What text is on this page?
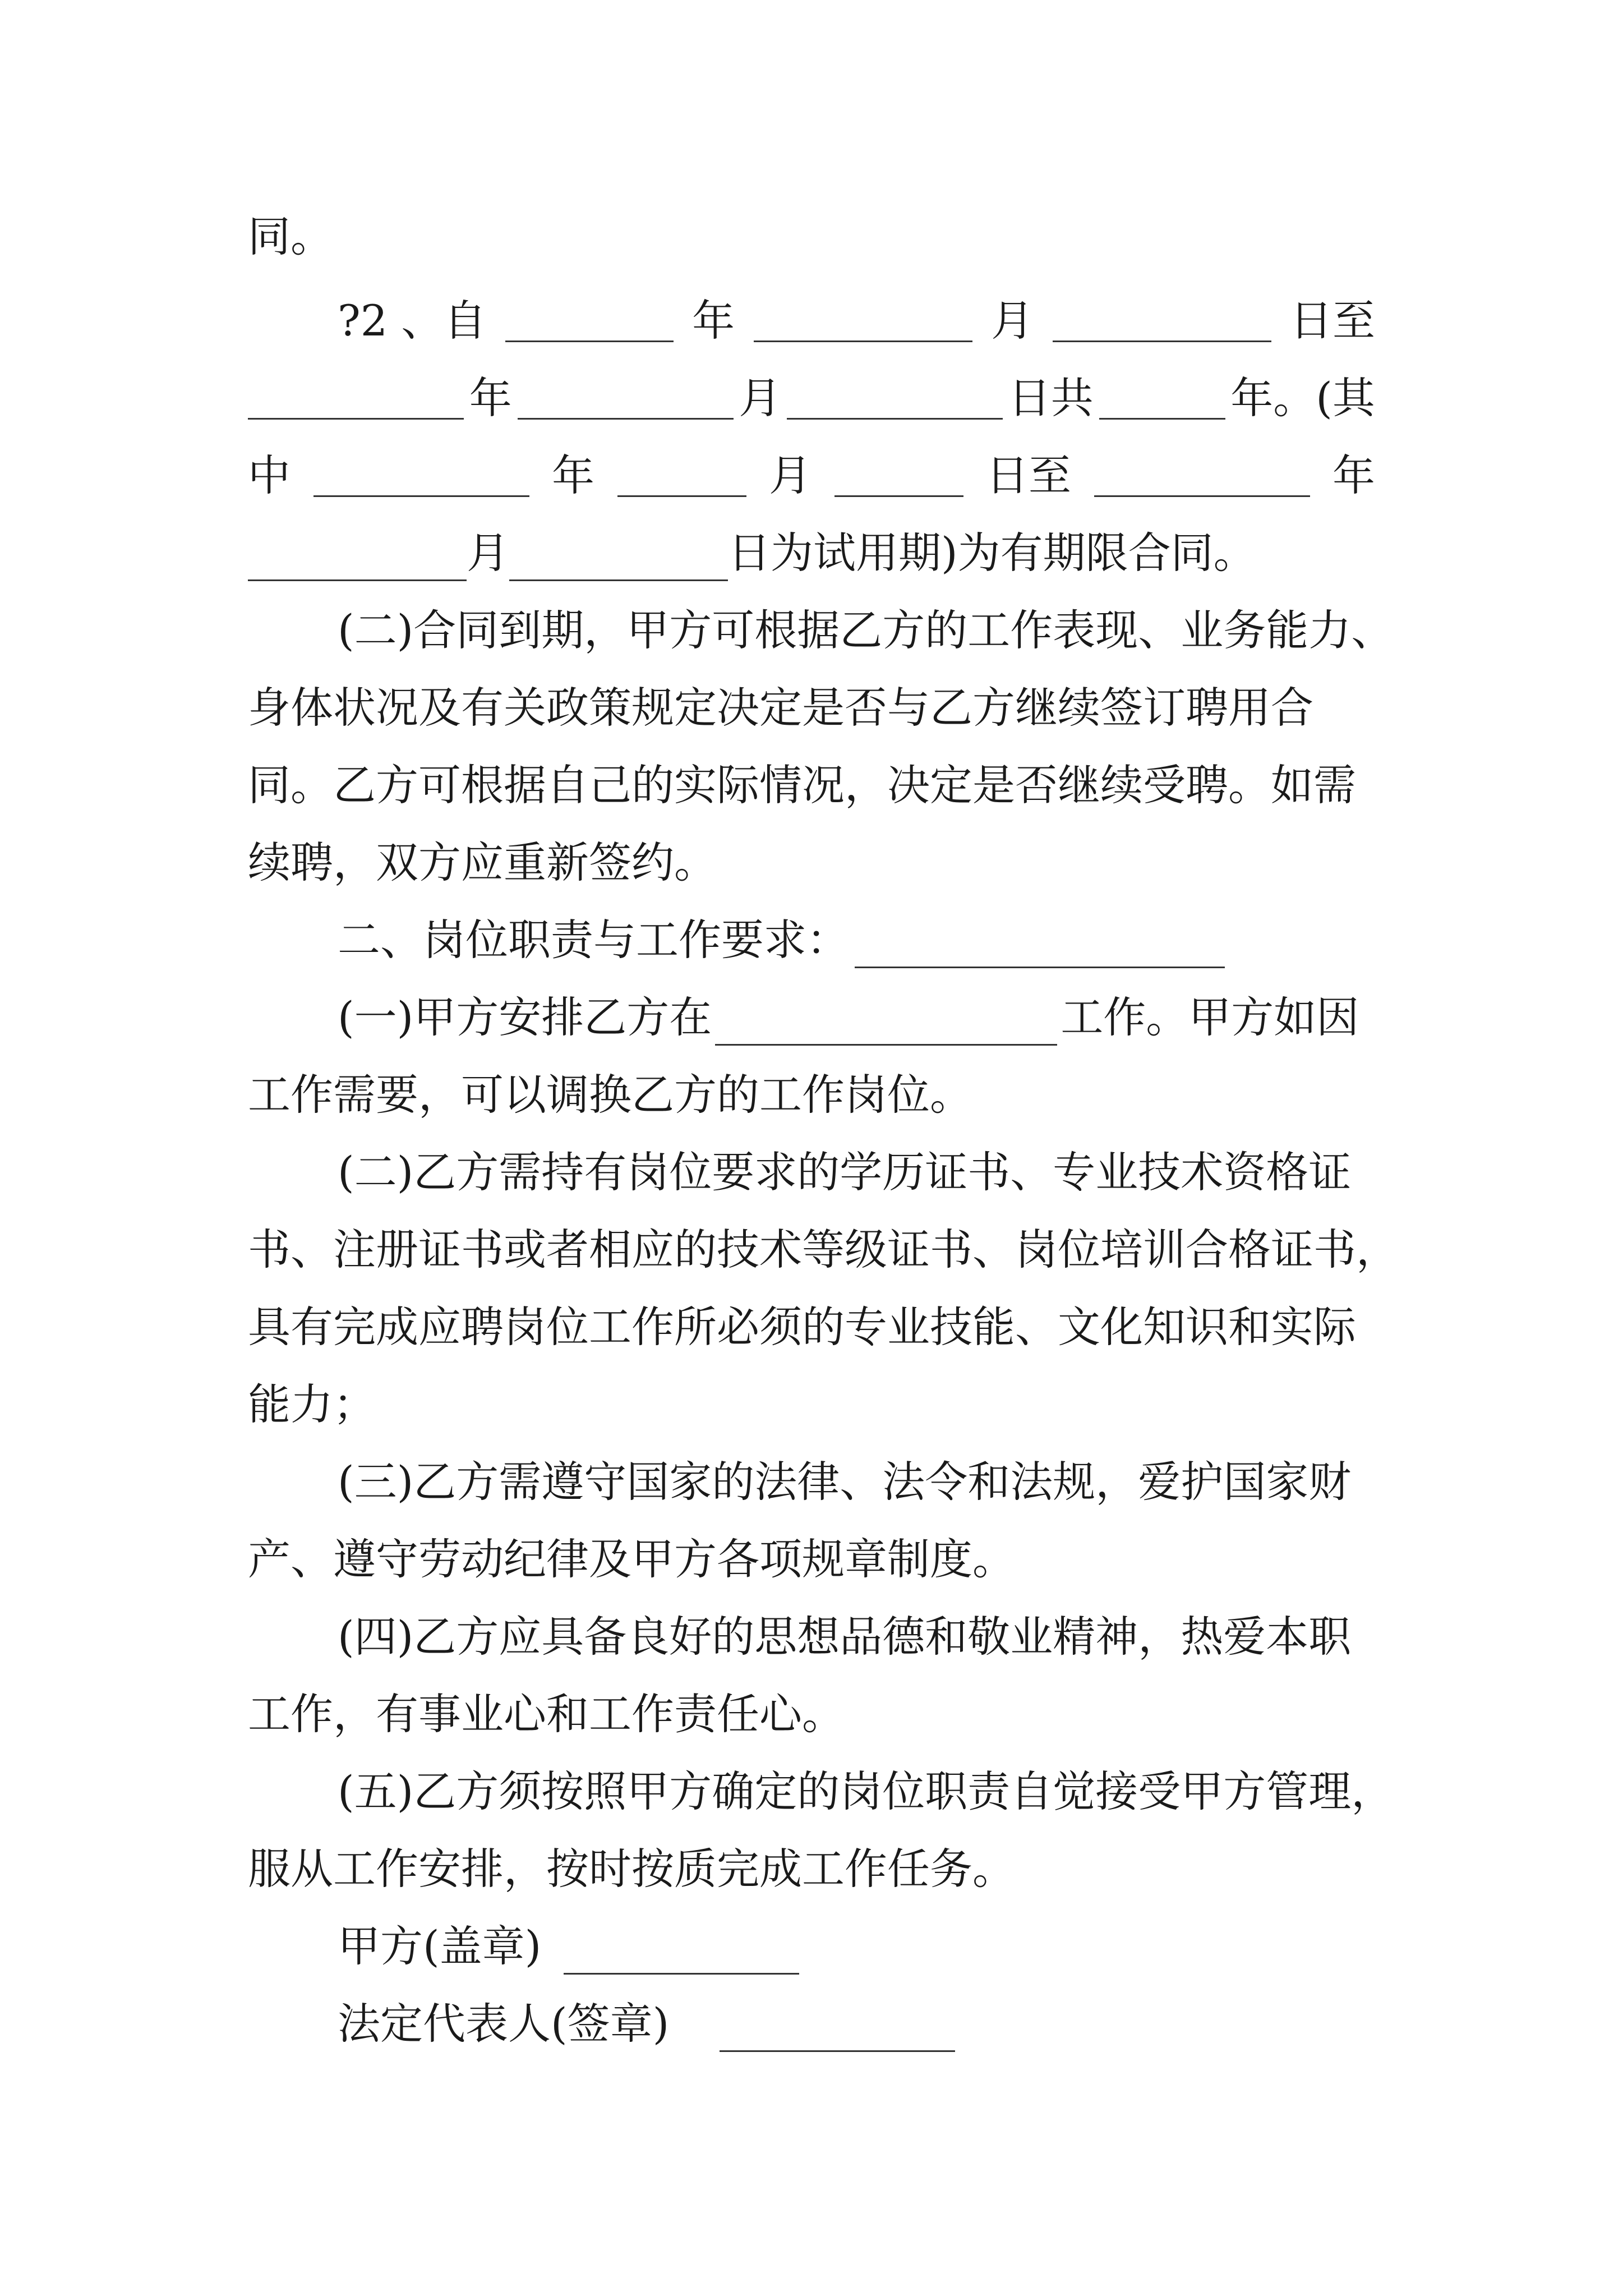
同。
?2 、自	年	月	日至
年	月	日共	年。(其
中	年	月	日至	年
月	日为试用期)为有期限合同。
(二)合同到期，甲方可根据乙方的工作表现、业务能力、
身体状况及有关政策规定决定是否与乙方继续签订聘用合
同。乙方可根据自己的实际情况，决定是否继续受聘。如需
续聘，双方应重新签约。
二、岗位职责与工作要求：
(一)甲方安排乙方在	工作。甲方如因
工作需要，可以调换乙方的工作岗位。
(二)乙方需持有岗位要求的学历证书、专业技术资格证
书、注册证书或者相应的技术等级证书、岗位培训合格证书，
具有完成应聘岗位工作所必须的专业技能、文化知识和实际
能力；
(三)乙方需遵守国家的法律、法令和法规，爱护国家财
产、遵守劳动纪律及甲方各项规章制度。
(四)乙方应具备良好的思想品德和敬业精神，热爱本职
工作，有事业心和工作责任心。
(五)乙方须按照甲方确定的岗位职责自觉接受甲方管理，
服从工作安排，按时按质完成工作任务。
甲方(盖章)
法定代表人(签章)
